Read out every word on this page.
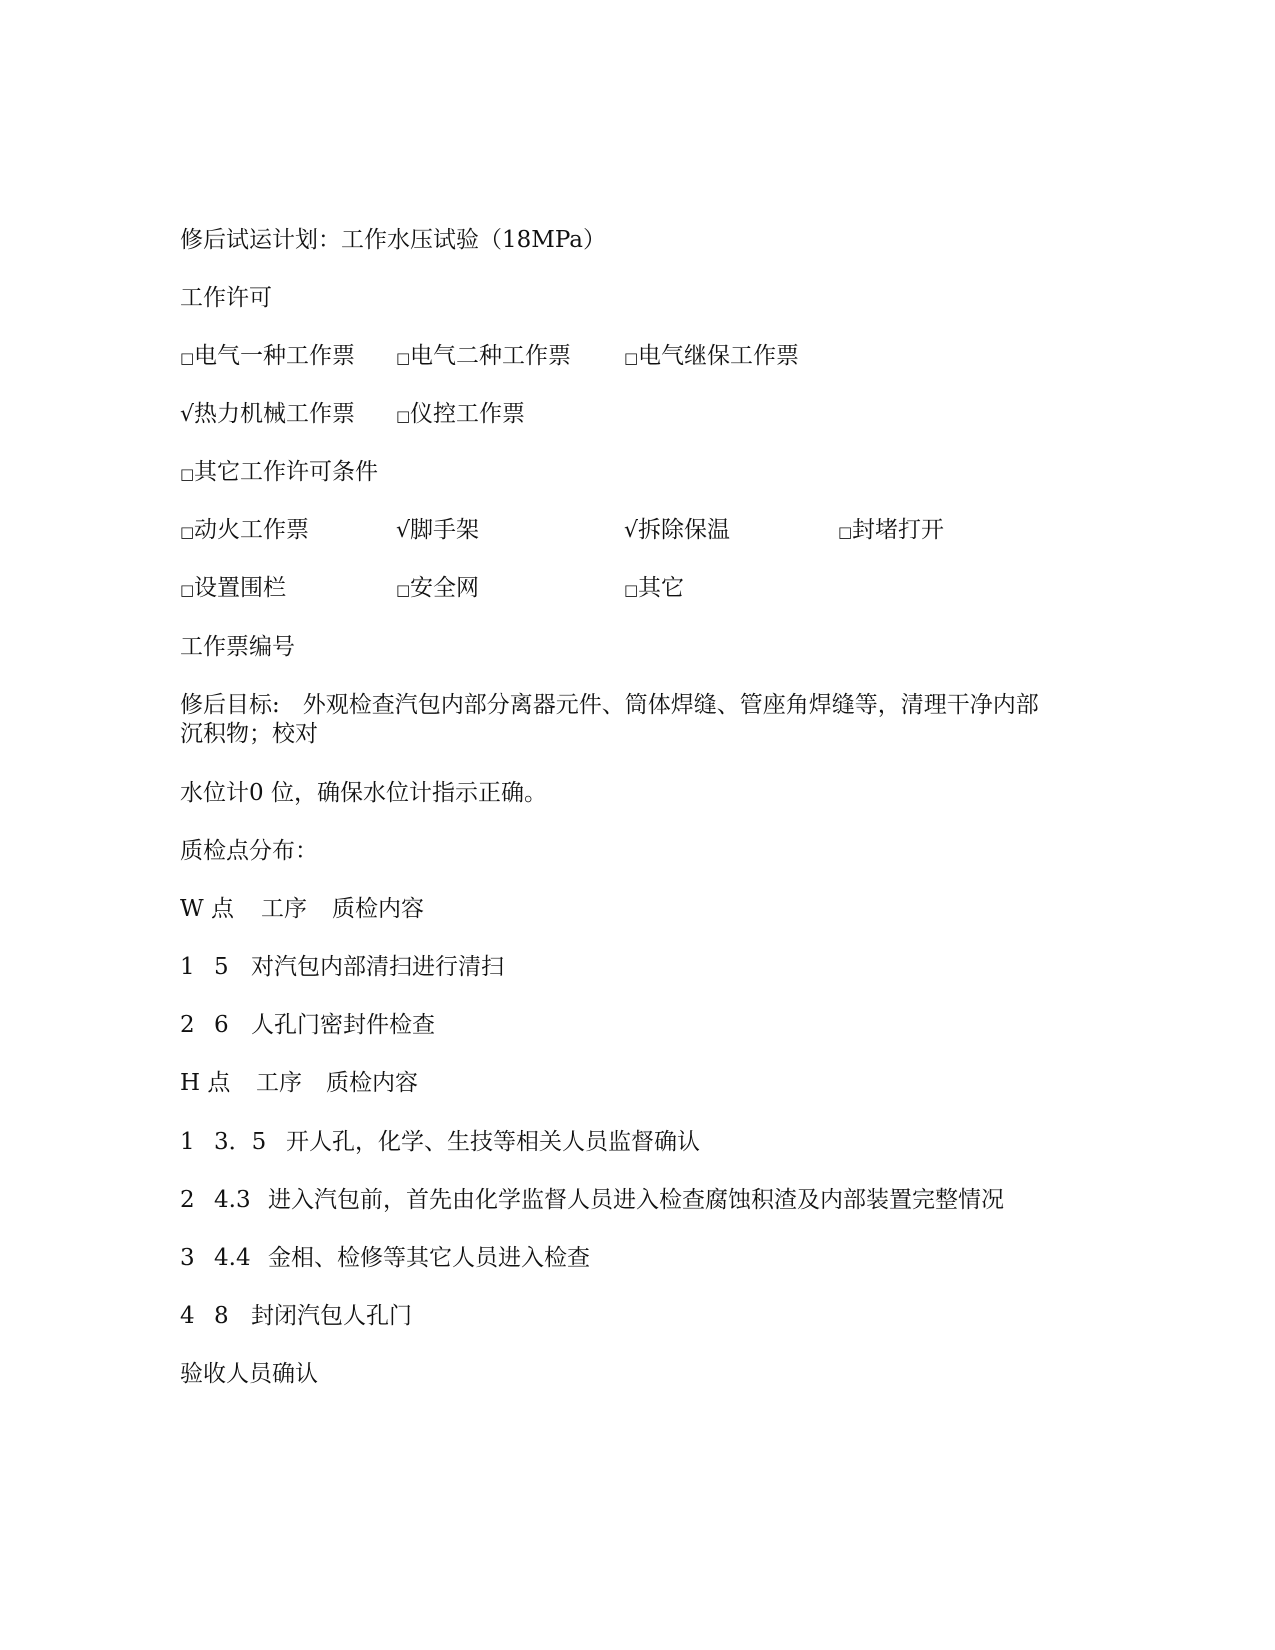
修后试运计划：工作水压试验（18MPa）
工作许可
□电气一种工作票	□电气二种工作票	□电气继保工作票
√热力机械工作票	□仪控工作票
□其它工作许可条件
□动火工作票	√脚手架	√拆除保温	□封堵打开
□设置围栏	□安全网	□其它
工作票编号
修后目标:　外观检查汽包内部分离器元件、筒体焊缝、管座角焊缝等，清理干净内部沉积物；校对
水位计0 位，确保水位计指示正确。
质检点分布：
W 点 工序 质检内容
1 5 对汽包内部清扫进行清扫
2 6 人孔门密封件检查
H 点 工序 质检内容
1 3．5 开人孔，化学、生技等相关人员监督确认
2 4.3 进入汽包前，首先由化学监督人员进入检查腐蚀积渣及内部装置完整情况
3 4.4 金相、检修等其它人员进入检查
4 8 封闭汽包人孔门
验收人员确认
